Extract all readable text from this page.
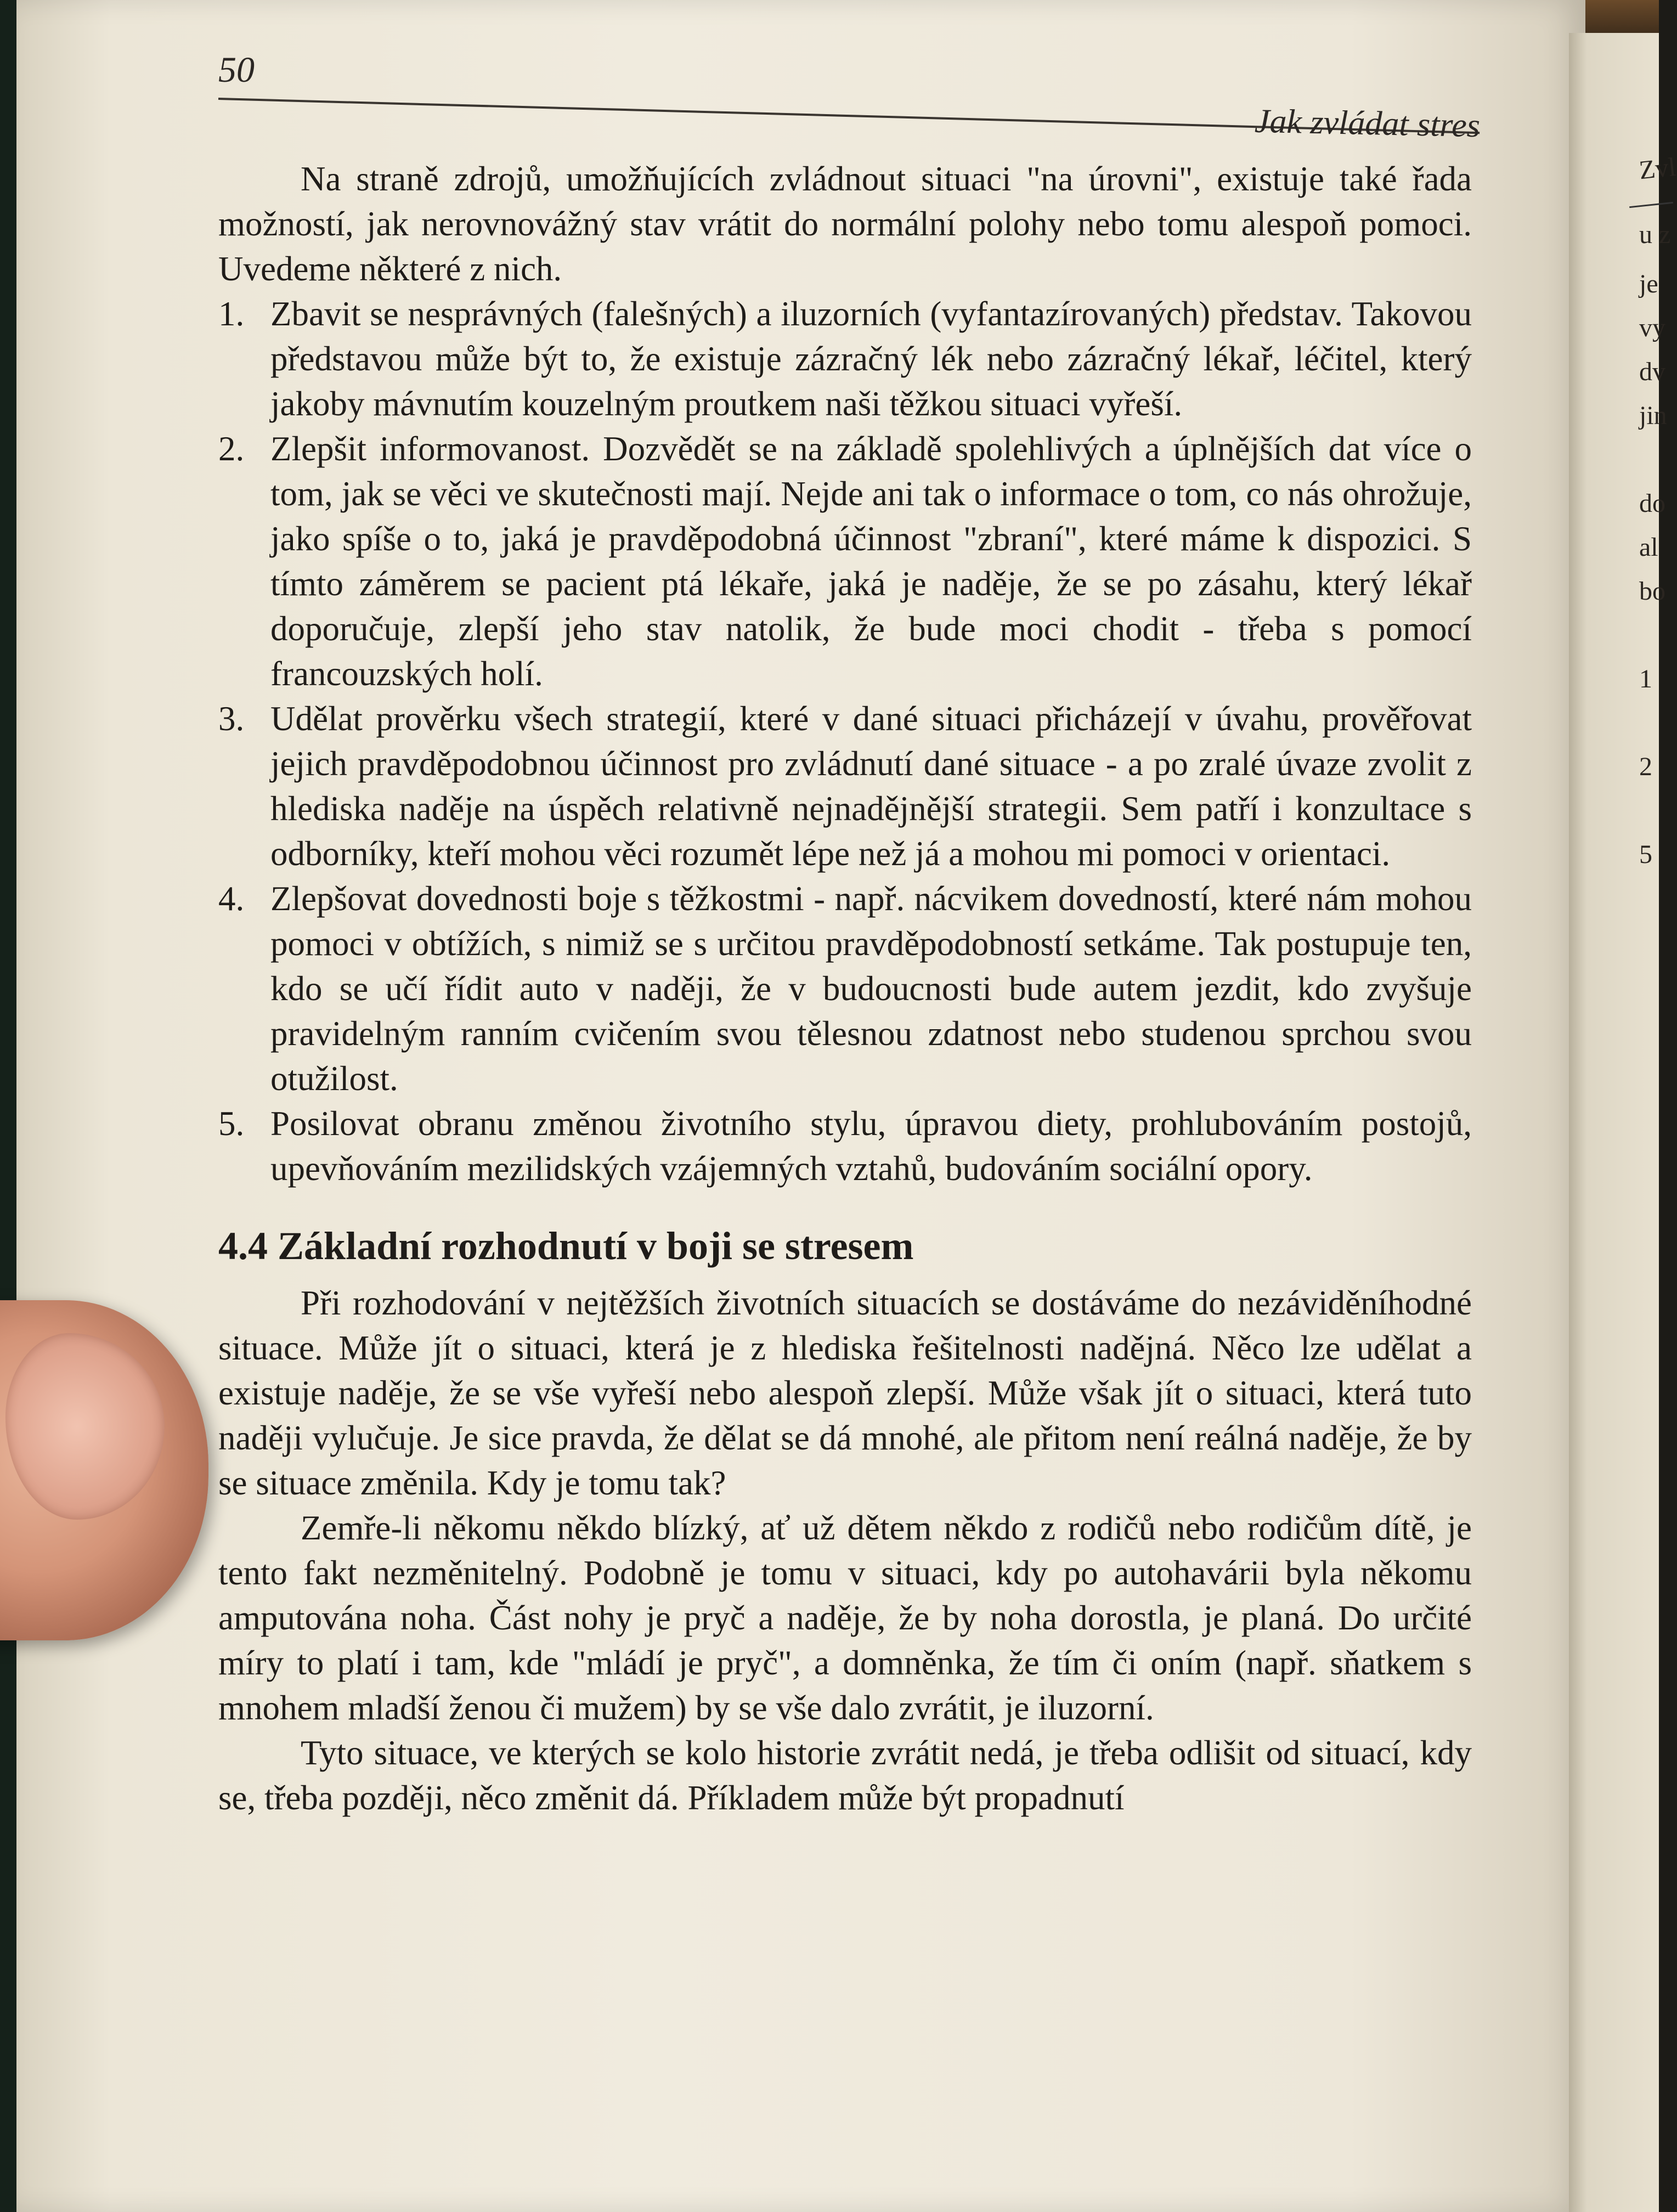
50
Jak zvládat stres

Na straně zdrojů, umožňujících zvládnout situaci "na úrovni", existuje také řada možností, jak nerovnovážný stav vrátit do normální polohy nebo tomu alespoň pomoci. Uvedeme některé z nich.

1. Zbavit se nesprávných (falešných) a iluzorních (vyfantazírovaných) představ. Takovou představou může být to, že existuje zázračný lék nebo zázračný lékař, léčitel, který jakoby mávnutím kouzelným proutkem naši těžkou situaci vyřeší.
2. Zlepšit informovanost. Dozvědět se na základě spolehlivých a úplnějších dat více o tom, jak se věci ve skutečnosti mají. Nejde ani tak o informace o tom, co nás ohrožuje, jako spíše o to, jaká je pravděpodobná účinnost "zbraní", které máme k dispozici. S tímto záměrem se pacient ptá lékaře, jaká je naděje, že se po zásahu, který lékař doporučuje, zlepší jeho stav natolik, že bude moci chodit - třeba s pomocí francouzských holí.
3. Udělat prověrku všech strategií, které v dané situaci přicházejí v úvahu, prověřovat jejich pravděpodobnou účinnost pro zvládnutí dané situace - a po zralé úvaze zvolit z hlediska naděje na úspěch relativně nejnadějnější strategii. Sem patří i konzultace s odborníky, kteří mohou věci rozumět lépe než já a mohou mi pomoci v orientaci.
4. Zlepšovat dovednosti boje s těžkostmi - např. nácvikem dovedností, které nám mohou pomoci v obtížích, s nimiž se s určitou pravděpodobností setkáme. Tak postupuje ten, kdo se učí řídit auto v naději, že v budoucnosti bude autem jezdit, kdo zvyšuje pravidelným ranním cvičením svou tělesnou zdatnost nebo studenou sprchou svou otužilost.
5. Posilovat obranu změnou životního stylu, úpravou diety, prohlubováním postojů, upevňováním mezilidských vzájemných vztahů, budováním sociální opory.
4.4 Základní rozhodnutí v boji se stresem

Při rozhodování v nejtěžších životních situacích se dostáváme do nezáviděníhodné situace. Může jít o situaci, která je z hlediska řešitelnosti nadějná. Něco lze udělat a existuje naděje, že se vše vyřeší nebo alespoň zlepší. Může však jít o situaci, která tuto naději vylučuje. Je sice pravda, že dělat se dá mnohé, ale přitom není reálná naděje, že by se situace změnila. Kdy je tomu tak?

Zemře-li někomu někdo blízký, ať už dětem někdo z rodičů nebo rodičům dítě, je tento fakt nezměnitelný. Podobně je tomu v situaci, kdy po autohavárii byla někomu amputována noha. Část nohy je pryč a naděje, že by noha dorostla, je planá. Do určité míry to platí i tam, kde "mládí je pryč", a domněnka, že tím či oním (např. sňatkem s mnohem mladší ženou či mužem) by se vše dalo zvrátit, je iluzorní.

Tyto situace, ve kterých se kolo historie zvrátit nedá, je třeba odlišit od situací, kdy se, třeba později, něco změnit dá. Příkladem může být propadnutí

Zvl
u z
je
vy
dv
jin
do
al
bo
1
2
5
